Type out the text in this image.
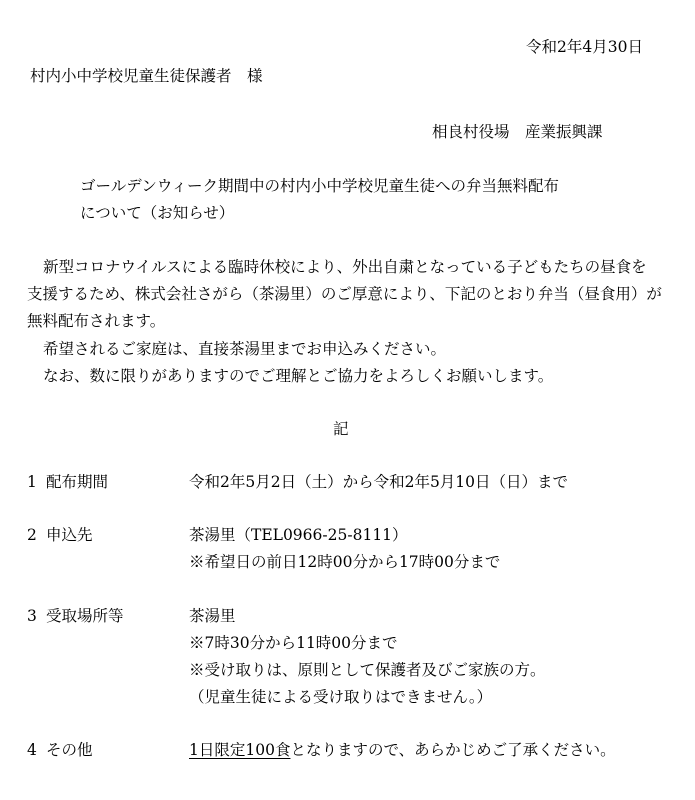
令和2年4月30日

村内小中学校児童生徒保護者　様

相良村役場　産業振興課

ゴールデンウィーク期間中の村内小中学校児童生徒への弁当無料配布

について（お知らせ）

新型コロナウイルスによる臨時休校により、外出自粛となっている子どもたちの昼食を

支援するため、株式会社さがら（茶湯里）のご厚意により、下記のとおり弁当（昼食用）が

無料配布されます。

希望されるご家庭は、直接茶湯里までお申込みください。

なお、数に限りがありますのでご理解とご協力をよろしくお願いします。

記

1 配布期間	令和2年5月2日（土）から令和2年5月10日（日）まで

2 申込先	茶湯里（TEL0966-25-8111）

※希望日の前日12時00分から17時00分まで

3 受取場所等	茶湯里

※7時30分から11時00分まで

※受け取りは、原則として保護者及びご家族の方。

（児童生徒による受け取りはできません。）

4 その他	1日限定100食となりますので、あらかじめご了承ください。
